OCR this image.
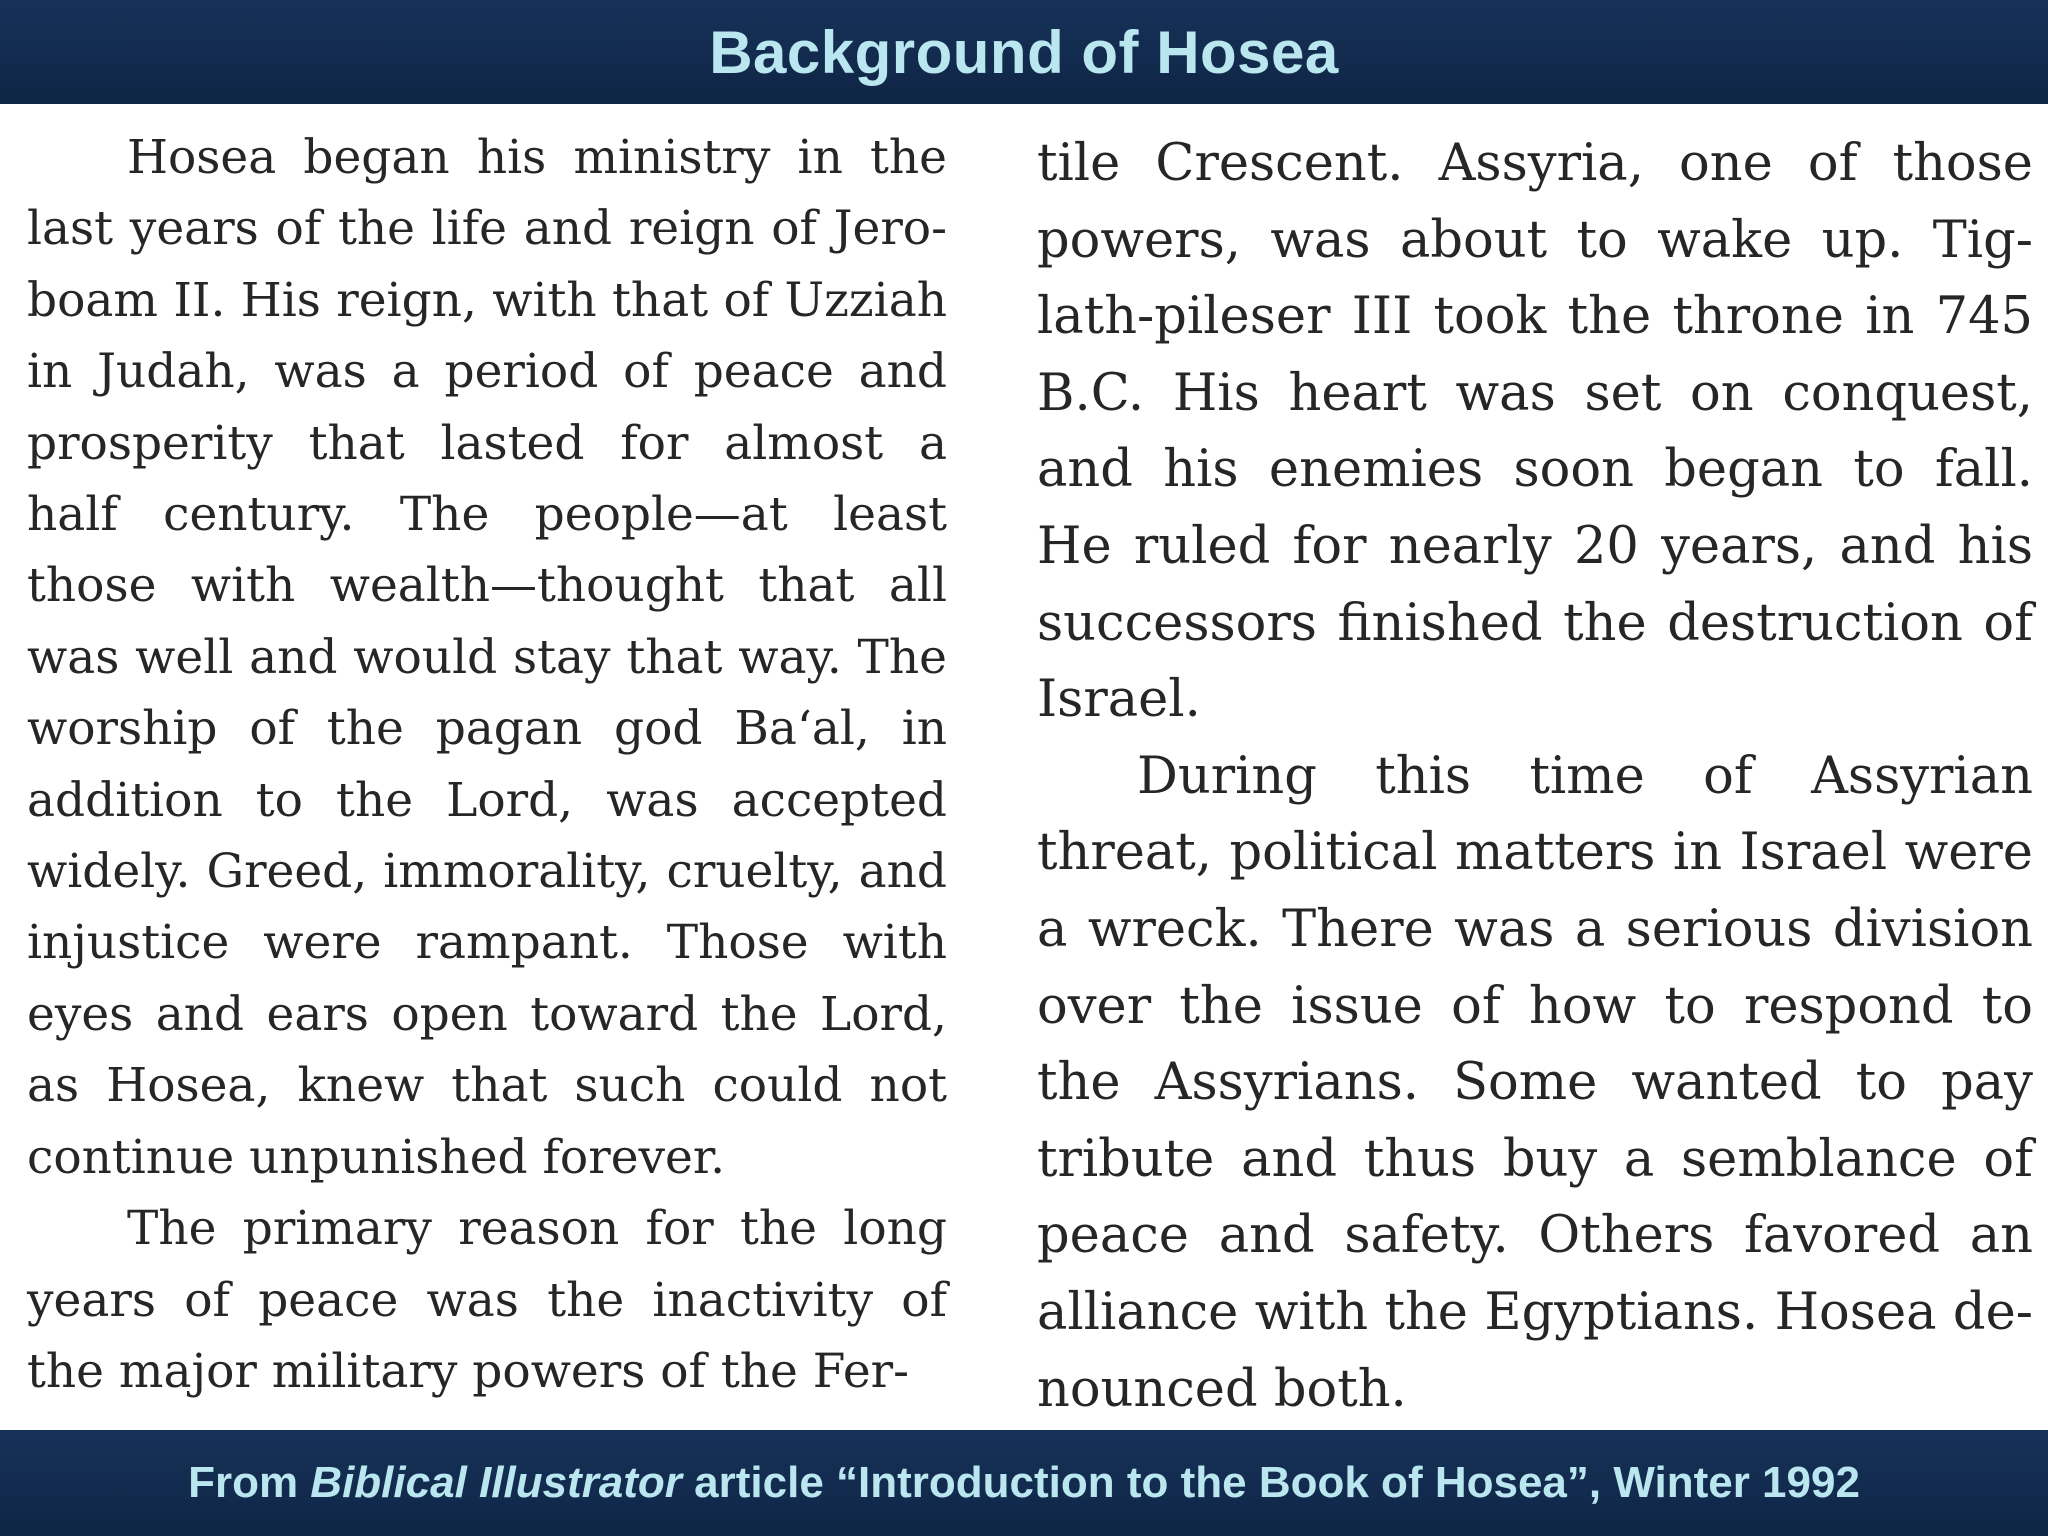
Background of Hosea

Hosea began his ministry in the last years of the life and reign of Jeroboam II. His reign, with that of Uzziah in Judah, was a period of peace and prosperity that lasted for almost a half century. The people—at least those with wealth—thought that all was well and would stay that way. The worship of the pagan god Ba‘al, in addition to the Lord, was accepted widely. Greed, immorality, cruelty, and injustice were rampant. Those with eyes and ears open toward the Lord, as Hosea, knew that such could not continue unpunished forever.

The primary reason for the long years of peace was the inactivity of the major military powers of the Fer-

tile Crescent. Assyria, one of those powers, was about to wake up. Tiglath-pileser III took the throne in 745 B.C. His heart was set on conquest, and his enemies soon began to fall. He ruled for nearly 20 years, and his successors finished the destruction of Israel.

During this time of Assyrian threat, political matters in Israel were a wreck. There was a serious division over the issue of how to respond to the Assyrians. Some wanted to pay tribute and thus buy a semblance of peace and safety. Others favored an alliance with the Egyptians. Hosea denounced both.

From Biblical Illustrator article “Introduction to the Book of Hosea”, Winter 1992
